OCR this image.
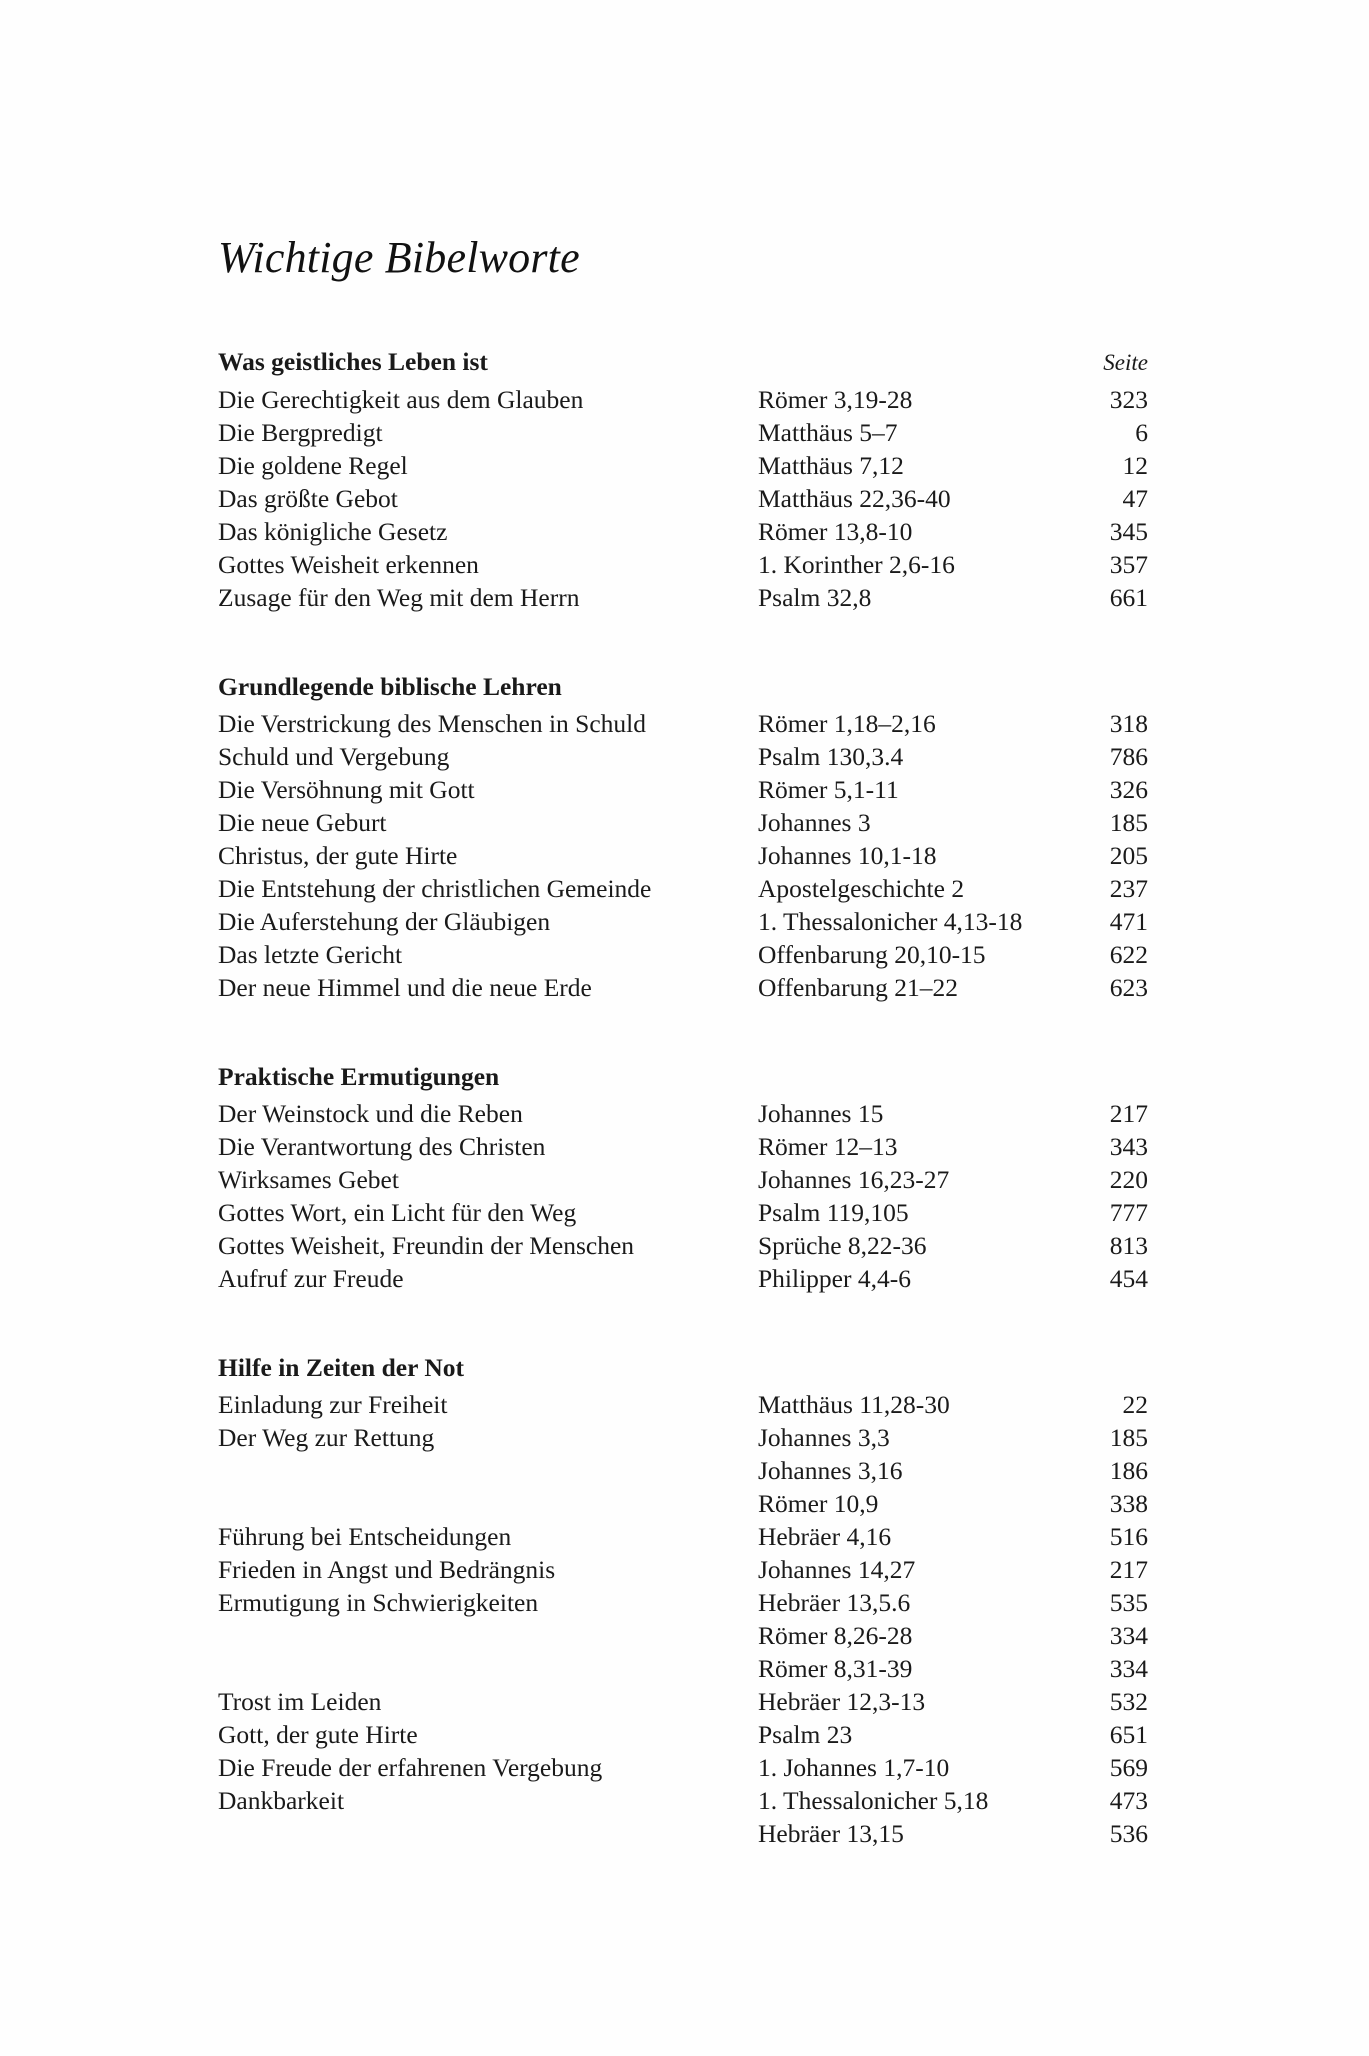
Wichtige Bibelworte
Was geistliches Leben ist		Seite

Die Gerechtigkeit aus dem Glauben	Römer 3,19-28	323
Die Bergpredigt	Matthäus 5–7	6
Die goldene Regel	Matthäus 7,12	12
Das größte Gebot	Matthäus 22,36-40	47
Das königliche Gesetz	Römer 13,8-10	345
Gottes Weisheit erkennen	1. Korinther 2,6-16	357
Zusage für den Weg mit dem Herrn	Psalm 32,8	661

Grundlegende biblische Lehren		
Die Verstrickung des Menschen in Schuld	Römer 1,18–2,16	318
Schuld und Vergebung	Psalm 130,3.4	786
Die Versöhnung mit Gott	Römer 5,1-11	326
Die neue Geburt	Johannes 3	185
Christus, der gute Hirte	Johannes 10,1-18	205
Die Entstehung der christlichen Gemeinde	Apostelgeschichte 2	237
Die Auferstehung der Gläubigen	1. Thessalonicher 4,13-18	471
Das letzte Gericht	Offenbarung 20,10-15	622
Der neue Himmel und die neue Erde	Offenbarung 21–22	623

Praktische Ermutigungen		
Der Weinstock und die Reben	Johannes 15	217
Die Verantwortung des Christen	Römer 12–13	343
Wirksames Gebet	Johannes 16,23-27	220
Gottes Wort, ein Licht für den Weg	Psalm 119,105	777
Gottes Weisheit, Freundin der Menschen	Sprüche 8,22-36	813
Aufruf zur Freude	Philipper 4,4-6	454

Hilfe in Zeiten der Not		
Einladung zur Freiheit	Matthäus 11,28-30	22
Der Weg zur Rettung	Johannes 3,3	185
	Johannes 3,16	186
	Römer 10,9	338
Führung bei Entscheidungen	Hebräer 4,16	516
Frieden in Angst und Bedrängnis	Johannes 14,27	217
Ermutigung in Schwierigkeiten	Hebräer 13,5.6	535
	Römer 8,26-28	334
	Römer 8,31-39	334
Trost im Leiden	Hebräer 12,3-13	532
Gott, der gute Hirte	Psalm 23	651
Die Freude der erfahrenen Vergebung	1. Johannes 1,7-10	569
Dankbarkeit	1. Thessalonicher 5,18	473
	Hebräer 13,15	536
